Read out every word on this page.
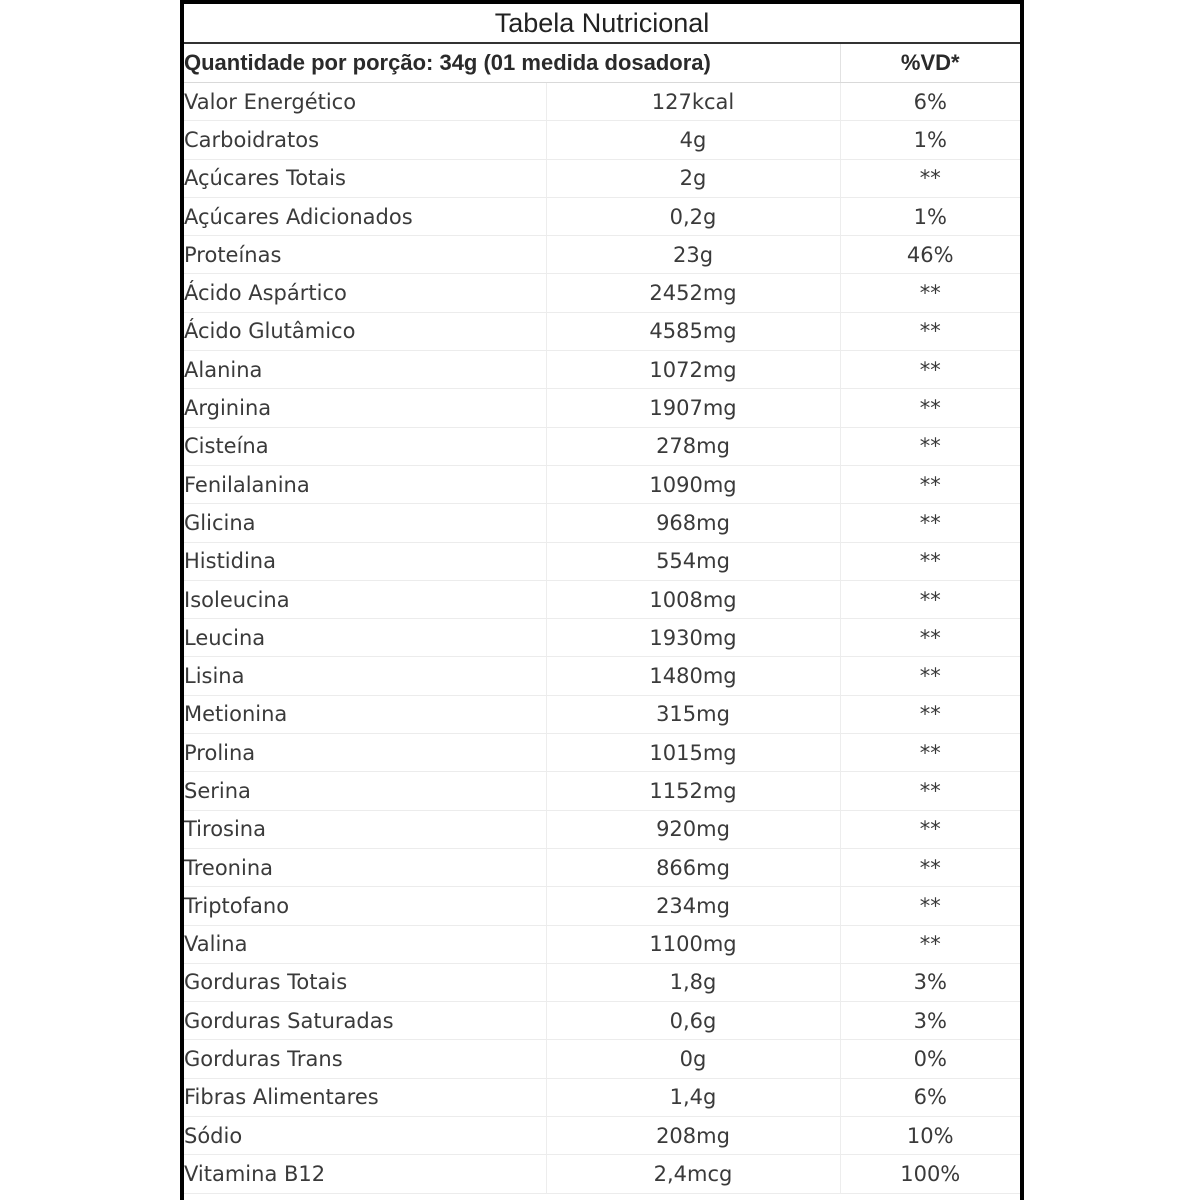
Tabela Nutricional
Quantidade por porção: 34g (01 medida dosadora)		%VD*
Valor Energético	127kcal	6%
Carboidratos	4g	1%
Açúcares Totais	2g	**
Açúcares Adicionados	0,2g	1%
Proteínas	23g	46%
Ácido Aspártico	2452mg	**
Ácido Glutâmico	4585mg	**
Alanina	1072mg	**
Arginina	1907mg	**
Cisteína	278mg	**
Fenilalanina	1090mg	**
Glicina	968mg	**
Histidina	554mg	**
Isoleucina	1008mg	**
Leucina	1930mg	**
Lisina	1480mg	**
Metionina	315mg	**
Prolina	1015mg	**
Serina	1152mg	**
Tirosina	920mg	**
Treonina	866mg	**
Triptofano	234mg	**
Valina	1100mg	**
Gorduras Totais	1,8g	3%
Gorduras Saturadas	0,6g	3%
Gorduras Trans	0g	0%
Fibras Alimentares	1,4g	6%
Sódio	208mg	10%
Vitamina B12	2,4mcg	100%
